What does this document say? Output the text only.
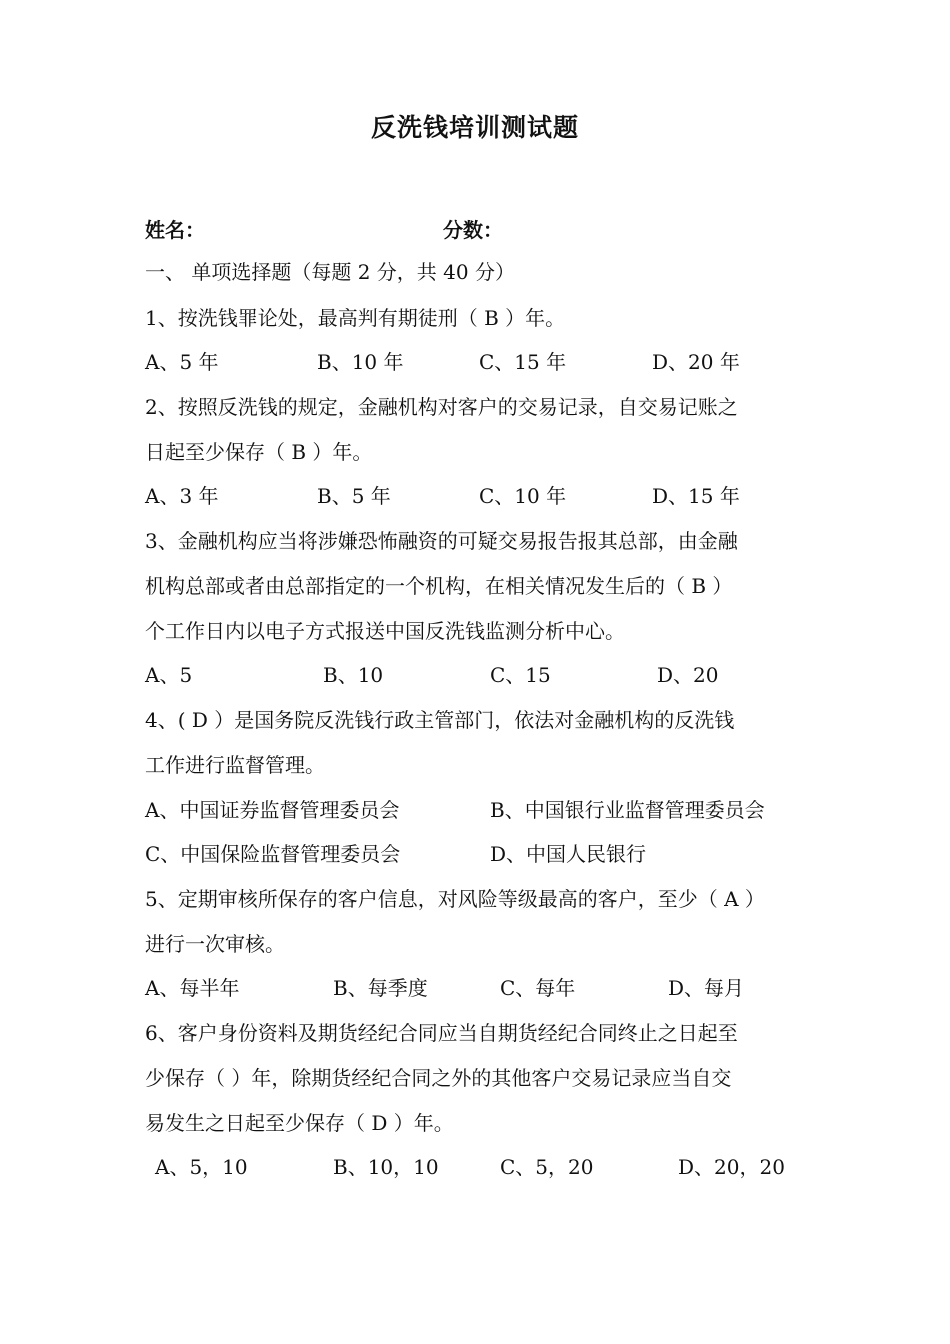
反洗钱培训测试题
姓名：	分数：
一、 单项选择题（每题 2 分，共 40 分）
1、按洗钱罪论处，最高判有期徒刑（ B ）年。
A、5 年	B、10 年	C、15 年	D、20 年
2、按照反洗钱的规定，金融机构对客户的交易记录，自交易记账之
日起至少保存（ B ）年。
A、3 年	B、5 年	C、10 年	D、15 年
3、金融机构应当将涉嫌恐怖融资的可疑交易报告报其总部，由金融
机构总部或者由总部指定的一个机构，在相关情况发生后的（ B ）
个工作日内以电子方式报送中国反洗钱监测分析中心。
A、5	B、10	C、15	D、20
4、( D ）是国务院反洗钱行政主管部门，依法对金融机构的反洗钱
工作进行监督管理。
A、中国证券监督管理委员会	B、中国银行业监督管理委员会
C、中国保险监督管理委员会	D、中国人民银行
5、定期审核所保存的客户信息，对风险等级最高的客户，至少（ A ）
进行一次审核。
A、每半年	B、每季度	C、每年	D、每月
6、客户身份资料及期货经纪合同应当自期货经纪合同终止之日起至
少保存（ ）年，除期货经纪合同之外的其他客户交易记录应当自交
易发生之日起至少保存（ D ）年。
A、5，10	B、10，10	C、5，20	D、20，20
